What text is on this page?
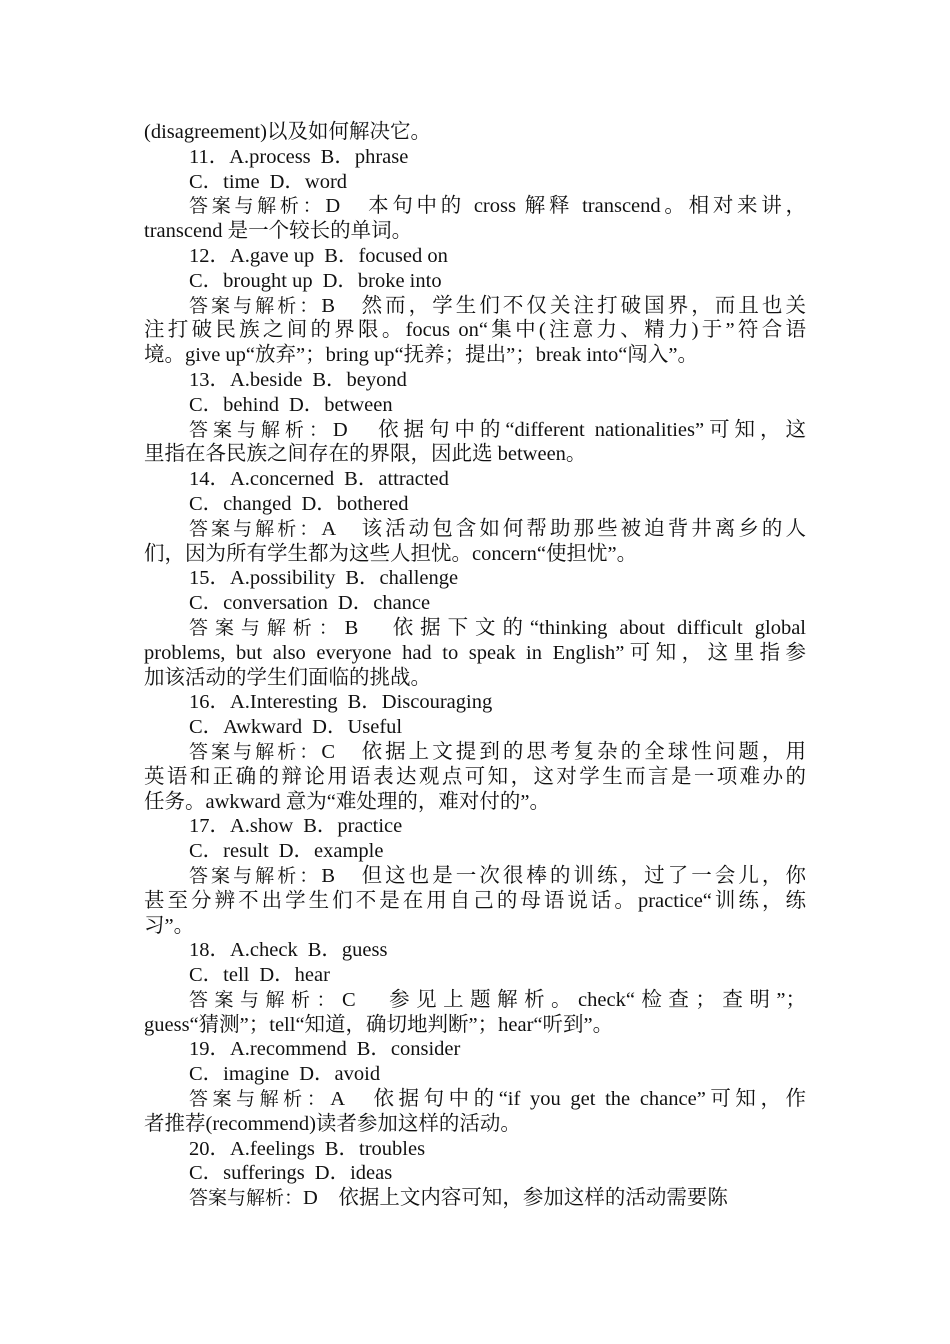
(disagreement)以及如何解决它。
11．A.process B．phrase
C．time D．word
答案与解析：D　本句中的 cross 解释 transcend。相对来讲，
transcend 是一个较长的单词。
12．A.gave up B．focused on
C．brought up D．broke into
答案与解析：B　然而，学生们不仅关注打破国界，而且也关
注打破民族之间的界限。focus on“集中(注意力、精力)于”符合语
境。give up“放弃”；bring up“抚养；提出”；break into“闯入”。
13．A.beside B．beyond
C．behind D．between
答案与解析：D　依据句中的“different nationalities”可知，这
里指在各民族之间存在的界限，因此选 between。
14．A.concerned B．attracted
C．changed D．bothered
答案与解析：A　该活动包含如何帮助那些被迫背井离乡的人
们，因为所有学生都为这些人担忧。concern“使担忧”。
15．A.possibility B．challenge
C．conversation D．chance
答案与解析：B　依据下文的“thinking about difficult global
problems, but also everyone had to speak in English”可知，这里指参
加该活动的学生们面临的挑战。
16．A.Interesting B．Discouraging
C．Awkward D．Useful
答案与解析：C　依据上文提到的思考复杂的全球性问题，用
英语和正确的辩论用语表达观点可知，这对学生而言是一项难办的
任务。awkward 意为“难处理的，难对付的”。
17．A.show B．practice
C．result D．example
答案与解析：B　但这也是一次很棒的训练，过了一会儿，你
甚至分辨不出学生们不是在用自己的母语说话。practice“训练，练
习”。
18．A.check B．guess
C．tell D．hear
答案与解析：C　参见上题解析。check“检查；查明”；
guess“猜测”；tell“知道，确切地判断”；hear“听到”。
19．A.recommend B．consider
C．imagine D．avoid
答案与解析：A　依据句中的“if you get the chance”可知，作
者推荐(recommend)读者参加这样的活动。
20．A.feelings B．troubles
C．sufferings D．ideas
答案与解析：D　依据上文内容可知，参加这样的活动需要陈
